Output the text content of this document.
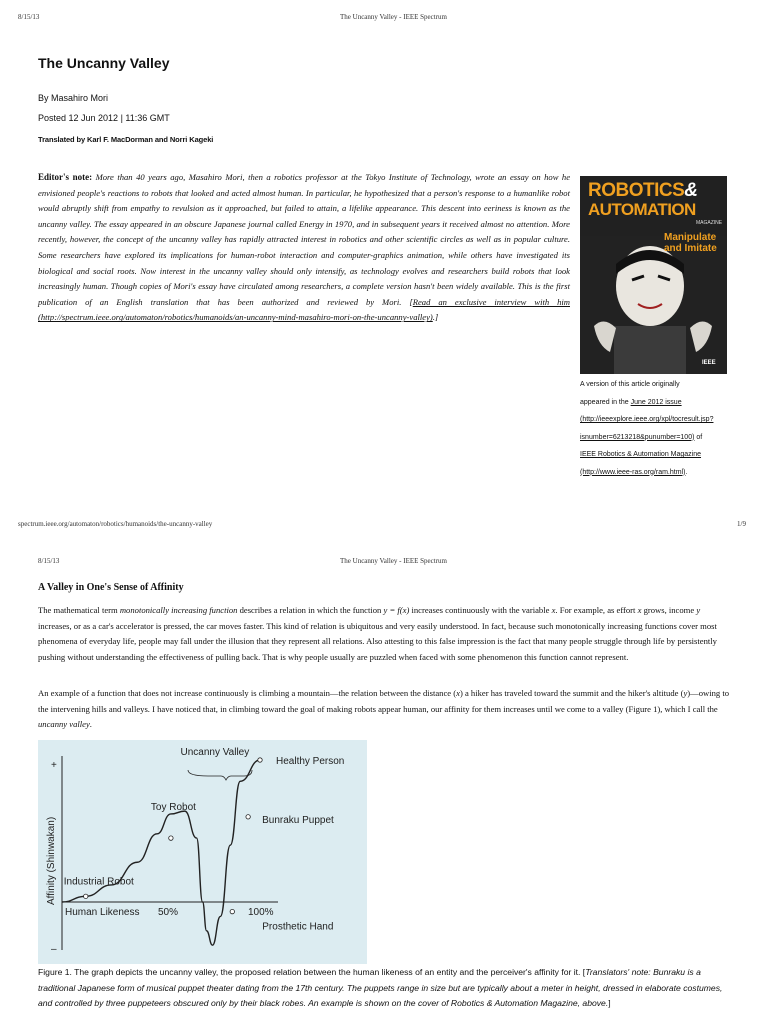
8/15/13	The Uncanny Valley - IEEE Spectrum
The Uncanny Valley
By Masahiro Mori
Posted 12 Jun 2012 | 11:36 GMT
Translated by Karl F. MacDorman and Norri Kageki
Editor's note: More than 40 years ago, Masahiro Mori, then a robotics professor at the Tokyo Institute of Technology, wrote an essay on how he envisioned people's reactions to robots that looked and acted almost human. In particular, he hypothesized that a person's response to a humanlike robot would abruptly shift from empathy to revulsion as it approached, but failed to attain, a lifelike appearance. This descent into eeriness is known as the uncanny valley. The essay appeared in an obscure Japanese journal called Energy in 1970, and in subsequent years it received almost no attention. More recently, however, the concept of the uncanny valley has rapidly attracted interest in robotics and other scientific circles as well as in popular culture. Some researchers have explored its implications for human-robot interaction and computer-graphics animation, while others have investigated its biological and social roots. Now interest in the uncanny valley should only intensify, as technology evolves and researchers build robots that look increasingly human. Though copies of Mori's essay have circulated among researchers, a complete version hasn't been widely available. This is the first publication of an English translation that has been authorized and reviewed by Mori. [Read an exclusive interview with him (http://spectrum.ieee.org/automaton/robotics/humanoids/an-uncanny-mind-masahiro-mori-on-the-uncanny-valley).]
ROBOTICS&
AUTOMATION
MAGAZINE
Manipulate
and Imitate
IEEE
A version of this article originally
appeared in the June 2012 issue
(http://ieeexplore.ieee.org/xpl/tocresult.jsp?
isnumber=6213218&punumber=100) of
IEEE Robotics & Automation Magazine
(http://www.ieee-ras.org/ram.html).
spectrum.ieee.org/automaton/robotics/humanoids/the-uncanny-valley	1/9
8/15/13	The Uncanny Valley - IEEE Spectrum
A Valley in One's Sense of Affinity
The mathematical term monotonically increasing function describes a relation in which the function y = f(x) increases continuously with the variable x. For example, as effort x grows, income y increases, or as a car's accelerator is pressed, the car moves faster. This kind of relation is ubiquitous and very easily understood. In fact, because such monotonically increasing functions cover most phenomena of everyday life, people may fall under the illusion that they represent all relations. Also attesting to this false impression is the fact that many people struggle through life by persistently pushing without understanding the effectiveness of pulling back. That is why people usually are puzzled when faced with some phenomenon this function cannot represent.
An example of a function that does not increase continuously is climbing a mountain—the relation between the distance (x) a hiker has traveled toward the summit and the hiker's altitude (y)—owing to the intervening hills and valleys. I have noticed that, in climbing toward the goal of making robots appear human, our affinity for them increases until we come to a valley (Figure 1), which I call the uncanny valley.
+
–
Affinity (Shinwakan)
Human Likeness 50%	100%
Industrial Robot
Toy Robot
Uncanny Valley
Healthy Person
Bunraku Puppet
Prosthetic Hand
Figure 1. The graph depicts the uncanny valley, the proposed relation between the human likeness of an entity and the perceiver's affinity for it. [Translators' note: Bunraku is a traditional Japanese form of musical puppet theater dating from the 17th century. The puppets range in size but are typically about a meter in height, dressed in elaborate costumes, and controlled by three puppeteers obscured only by their black robes. An example is shown on the cover of Robotics & Automation Magazine, above.]
